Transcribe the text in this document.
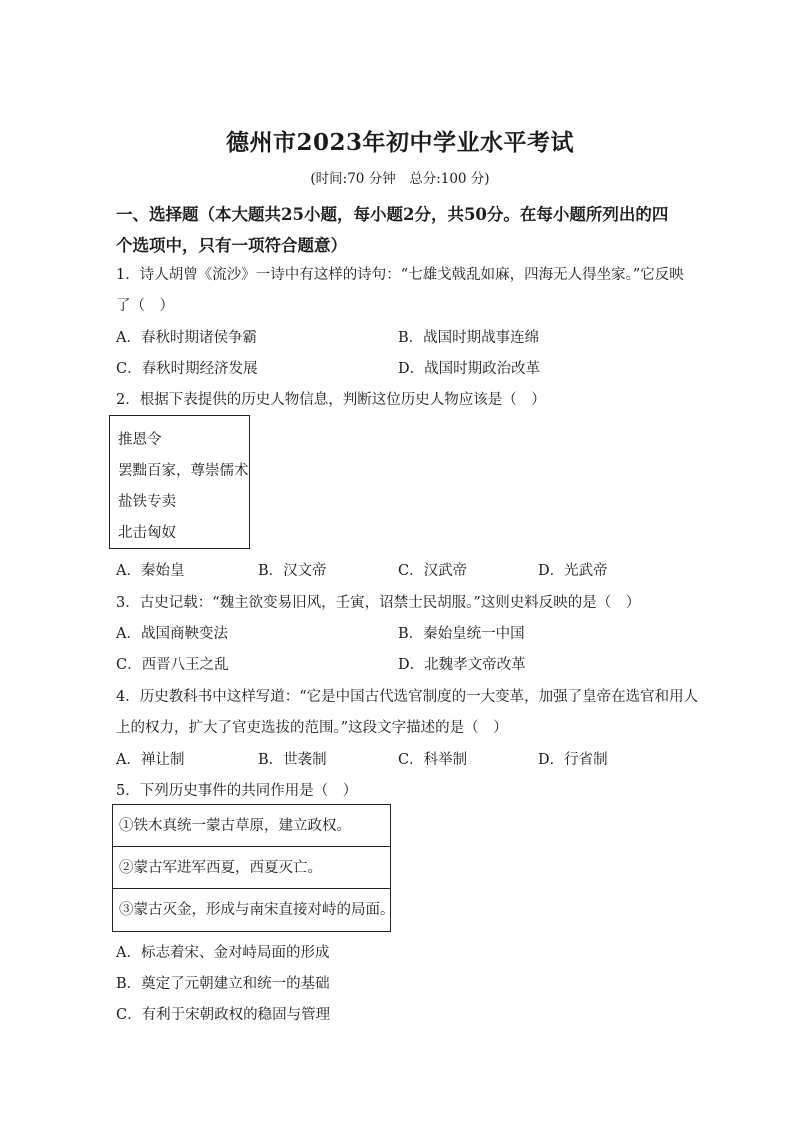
德州市2023年初中学业水平考试
(时间:70 分钟　总分:100 分)
一、选择题（本大题共25小题，每小题2分，共50分。在每小题所列出的四
个选项中，只有一项符合题意）
1．诗人胡曾《流沙》一诗中有这样的诗句：“七雄戈戟乱如麻，四海无人得坐家。”它反映
了（　）
A．春秋时期诸侯争霸	B．战国时期战事连绵
C．春秋时期经济发展	D．战国时期政治改革
2．根据下表提供的历史人物信息，判断这位历史人物应该是（　）
推恩令
罢黜百家，尊崇儒术
盐铁专卖
北击匈奴
A．秦始皇	B．汉文帝	C．汉武帝	D．光武帝
3．古史记载：“魏主欲变易旧风，壬寅，诏禁士民胡服。”这则史料反映的是（　）
A．战国商鞅变法	B．秦始皇统一中国
C．西晋八王之乱	D．北魏孝文帝改革
4．历史教科书中这样写道：“它是中国古代选官制度的一大变革，加强了皇帝在选官和用人
上的权力，扩大了官吏选拔的范围。”这段文字描述的是（　）
A．禅让制	B．世袭制	C．科举制	D．行省制
5．下列历史事件的共同作用是（　）
①铁木真统一蒙古草原，建立政权。
②蒙古军进军西夏，西夏灭亡。
③蒙古灭金，形成与南宋直接对峙的局面。
A．标志着宋、金对峙局面的形成
B．奠定了元朝建立和统一的基础
C．有利于宋朝政权的稳固与管理
